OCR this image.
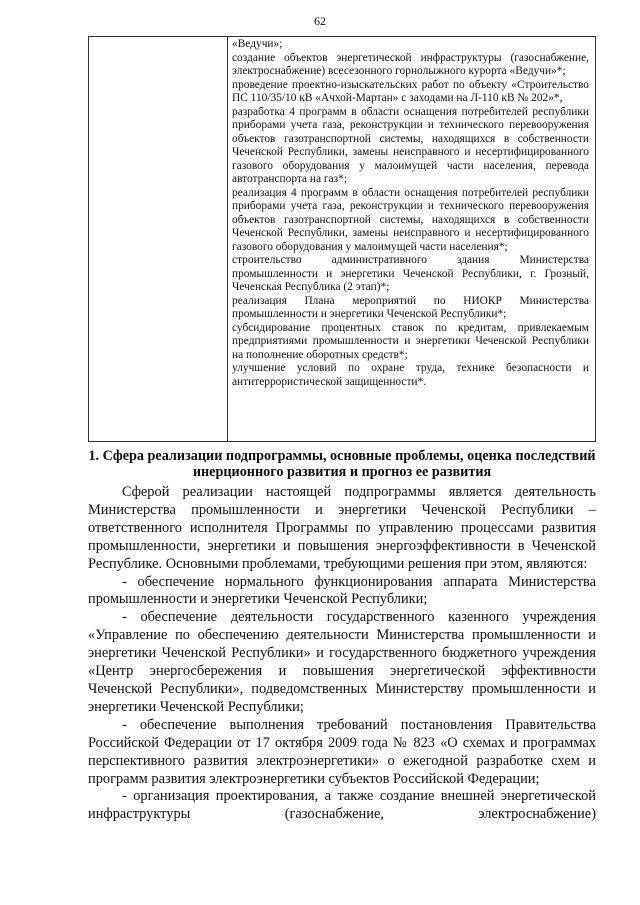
62
«Ведучи»;
создание объектов энергетической инфраструктуры (газоснабжение, электроснабжение) всесезонного горнолыжного курорта «Ведучи»*;
проведение проектно-изыскательских работ по объекту «Строительство ПС 110/35/10 кВ «Ачхой-Мартан» с заходами на Л-110 кВ № 202»*,
разработка 4 программ в области оснащения потребителей республики приборами учета газа, реконструкции и технического перевооружения объектов газотранспортной системы, находящихся в собственности Чеченской Республики, замены неисправного и несертифицированного газового оборудования у малоимущей части населения, перевода автотранспорта на газ*;
реализация 4 программ в области оснащения потребителей республики приборами учета газа, реконструкции и технического перевооружения объектов газотранспортной системы, находящихся в собственности Чеченской Республики, замены неисправного и несертифицированного газового оборудования у малоимущей части населения*;
строительство административного здания Министерства промышленности и энергетики Чеченской Республики, г. Грозный, Чеченская Республика (2 этап)*;
реализация Плана мероприятий по НИОКР Министерства промышленности и энергетики Чеченской Республики*;
субсидирование процентных ставок по кредитам, привлекаемым предприятиями промышленности и энергетики Чеченской Республики на пополнение оборотных средств*;
улучшение условий по охране труда, технике безопасности и антитеррористической защищенности*.
1. Сфера реализации подпрограммы, основные проблемы, оценка последствий инерционного развития и прогноз ее развития

Сферой реализации настоящей подпрограммы является деятельность Министерства промышленности и энергетики Чеченской Республики – ответственного исполнителя Программы по управлению процессами развития промышленности, энергетики и повышения энергоэффективности в Чеченской Республике. Основными проблемами, требующими решения при этом, являются:

- обеспечение нормального функционирования аппарата Министерства промышленности и энергетики Чеченской Республики;

- обеспечение деятельности государственного казенного учреждения «Управление по обеспечению деятельности Министерства промышленности и энергетики Чеченской Республики» и государственного бюджетного учреждения «Центр энергосбережения и повышения энергетической эффективности Чеченской Республики», подведомственных Министерству промышленности и энергетики Чеченской Республики;

- обеспечение выполнения требований постановления Правительства Российской Федерации от 17 октября 2009 года № 823 «О схемах и программах перспективного развития электроэнергетики» о ежегодной разработке схем и программ развития электроэнергетики субъектов Российской Федерации;

- организация проектирования, а также создание внешней энергетической инфраструктуры (газоснабжение, электроснабжение)
